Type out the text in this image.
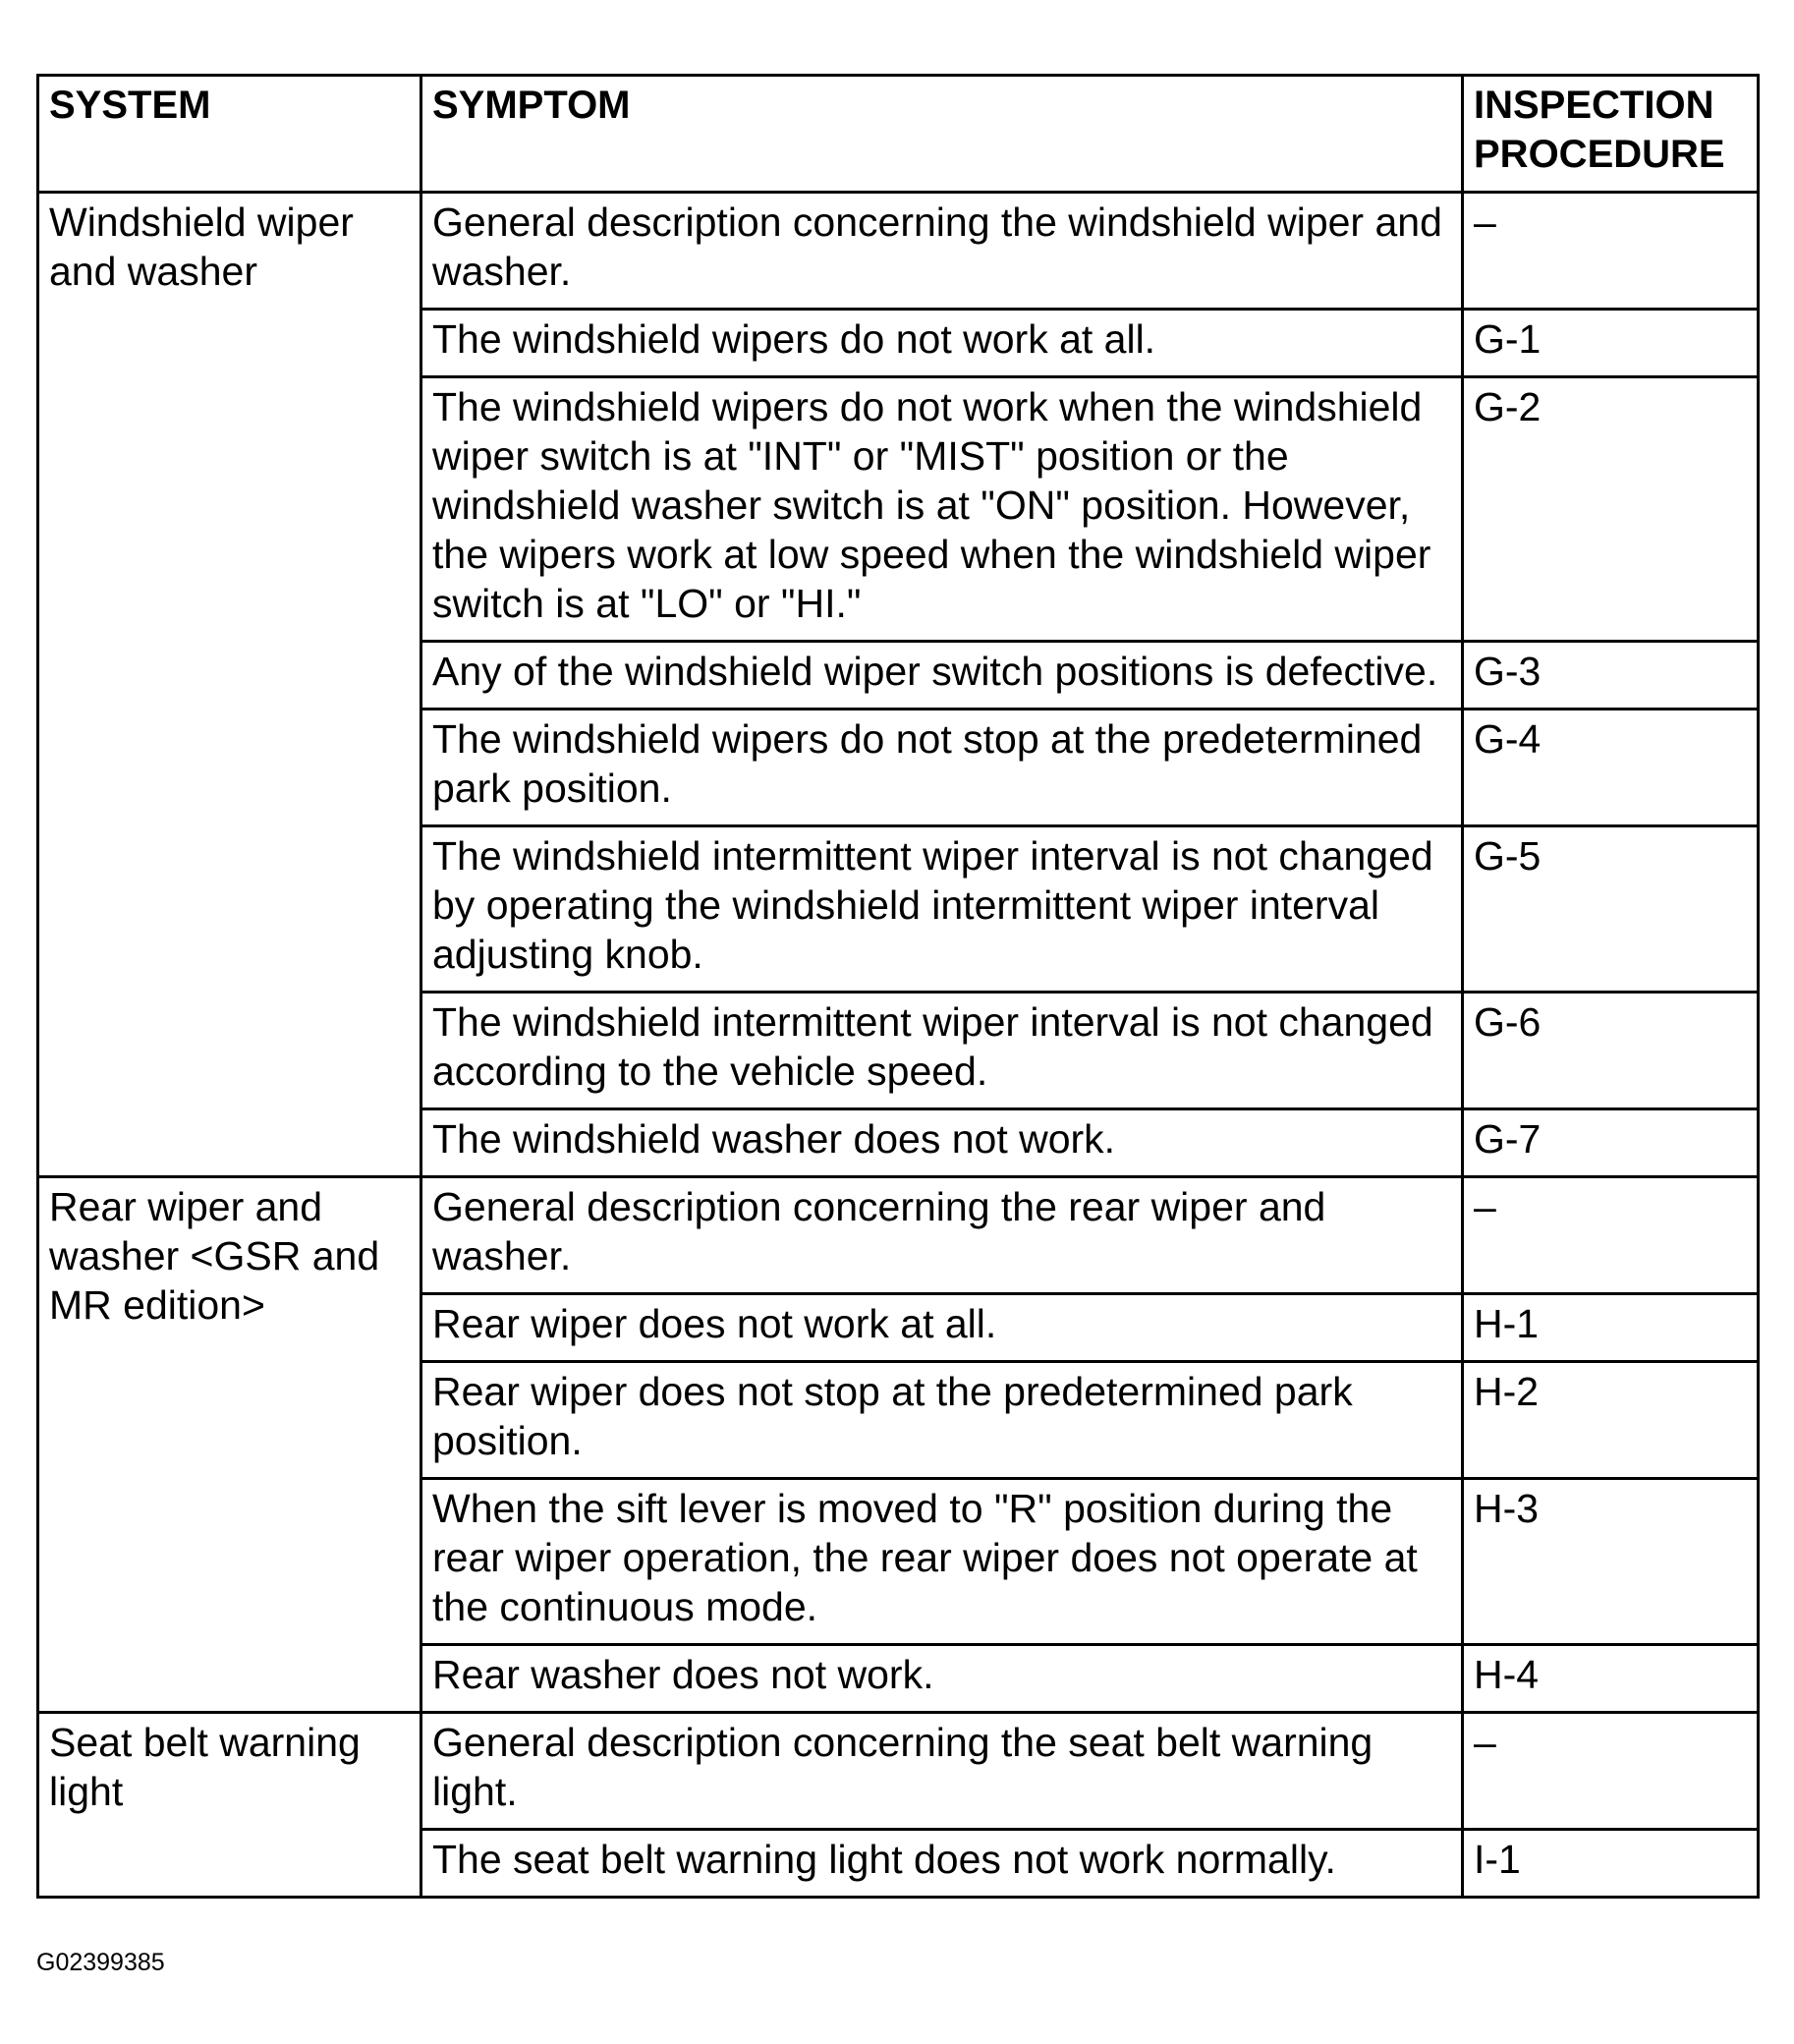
SYSTEM	SYMPTOM	INSPECTION PROCEDURE
Windshield wiper and washer	General description concerning the windshield wiper and washer.	–
	The windshield wipers do not work at all.	G-1
	The windshield wipers do not work when the windshield wiper switch is at "INT" or "MIST" position or the windshield washer switch is at "ON" position. However, the wipers work at low speed when the windshield wiper switch is at "LO" or "HI."	G-2
	Any of the windshield wiper switch positions is defective.	G-3
	The windshield wipers do not stop at the predetermined park position.	G-4
	The windshield intermittent wiper interval is not changed by operating the windshield intermittent wiper interval adjusting knob.	G-5
	The windshield intermittent wiper interval is not changed according to the vehicle speed.	G-6
	The windshield washer does not work.	G-7
Rear wiper and washer <GSR and MR edition>	General description concerning the rear wiper and washer.	–
	Rear wiper does not work at all.	H-1
	Rear wiper does not stop at the predetermined park position.	H-2
	When the sift lever is moved to "R" position during the rear wiper operation, the rear wiper does not operate at the continuous mode.	H-3
	Rear washer does not work.	H-4
Seat belt warning light	General description concerning the seat belt warning light.	–
	The seat belt warning light does not work normally.	I-1
G02399385
